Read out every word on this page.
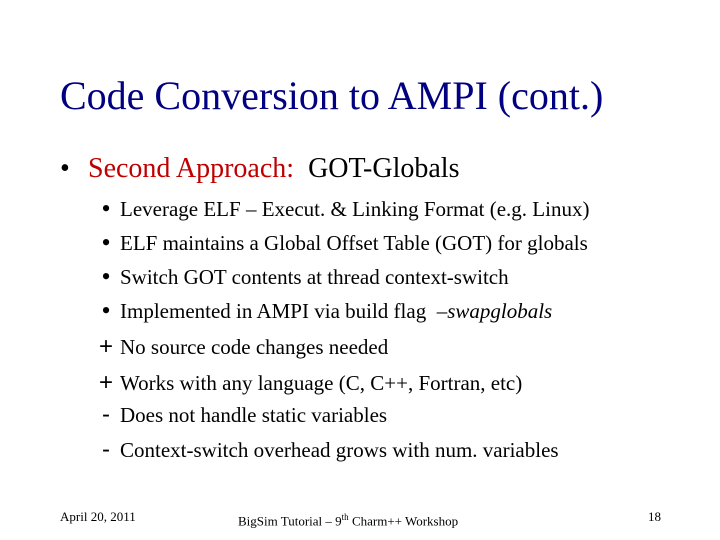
Code Conversion to AMPI (cont.)
• Second Approach: GOT-Globals
• Leverage ELF – Execut. & Linking Format (e.g. Linux)
• ELF maintains a Global Offset Table (GOT) for globals
• Switch GOT contents at thread context-switch
• Implemented in AMPI via build flag –swapglobals
+ No source code changes needed
+ Works with any language (C, C++, Fortran, etc)
- Does not handle static variables
- Context-switch overhead grows with num. variables
April 20, 2011	BigSim Tutorial – 9th Charm++ Workshop	18
